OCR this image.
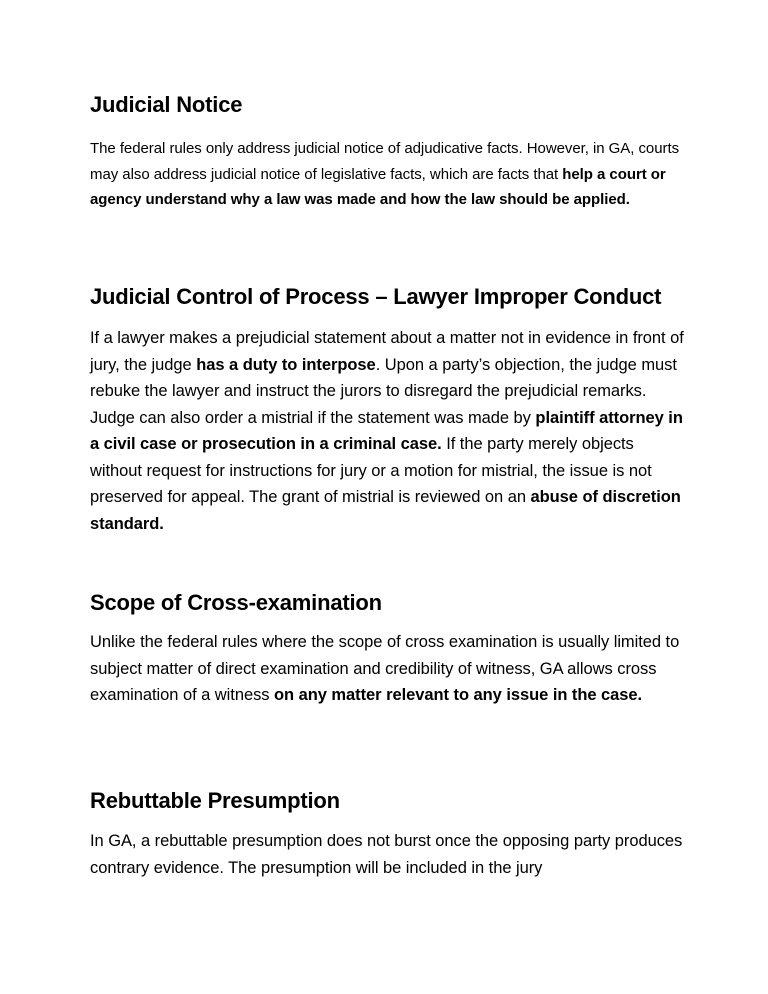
Judicial Notice

The federal rules only address judicial notice of adjudicative facts. However, in GA, courts may also address judicial notice of legislative facts, which are facts that help a court or agency understand why a law was made and how the law should be applied.

Judicial Control of Process – Lawyer Improper Conduct

If a lawyer makes a prejudicial statement about a matter not in evidence in front of jury, the judge has a duty to interpose. Upon a party’s objection, the judge must rebuke the lawyer and instruct the jurors to disregard the prejudicial remarks. Judge can also order a mistrial if the statement was made by plaintiff attorney in a civil case or prosecution in a criminal case. If the party merely objects without request for instructions for jury or a motion for mistrial, the issue is not preserved for appeal. The grant of mistrial is reviewed on an abuse of discretion standard.

Scope of Cross-examination

Unlike the federal rules where the scope of cross examination is usually limited to subject matter of direct examination and credibility of witness, GA allows cross examination of a witness on any matter relevant to any issue in the case.

Rebuttable Presumption

In GA, a rebuttable presumption does not burst once the opposing party produces contrary evidence. The presumption will be included in the jury
